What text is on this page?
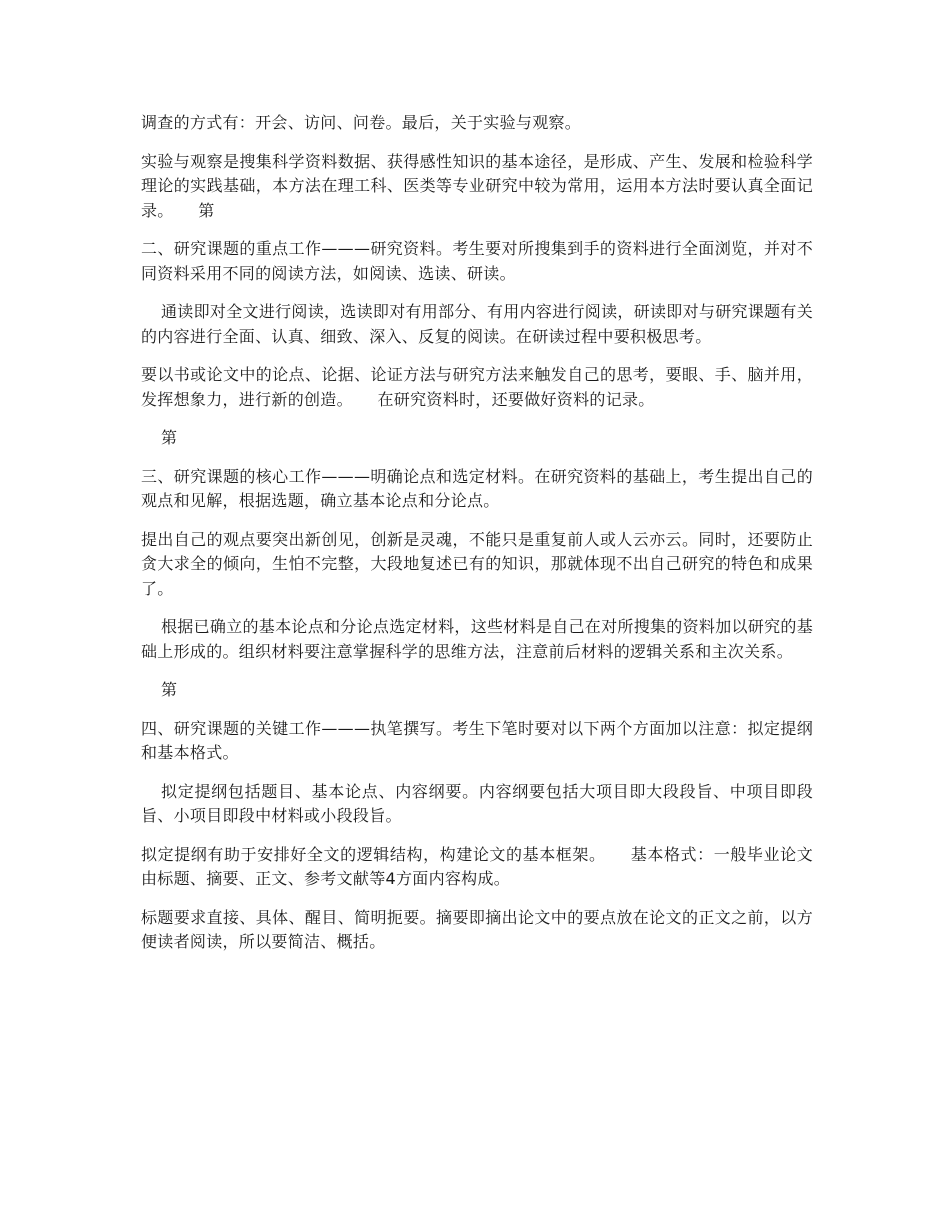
调查的方式有：开会、访问、问卷。最后，关于实验与观察。

实验与观察是搜集科学资料数据、获得感性知识的基本途径，是形成、产生、发展和检验科学理论的实践基础，本方法在理工科、医类等专业研究中较为常用，运用本方法时要认真全面记录。　　第

二、研究课题的重点工作———研究资料。考生要对所搜集到手的资料进行全面浏览，并对不同资料采用不同的阅读方法，如阅读、选读、研读。

通读即对全文进行阅读，选读即对有用部分、有用内容进行阅读，研读即对与研究课题有关的内容进行全面、认真、细致、深入、反复的阅读。在研读过程中要积极思考。

要以书或论文中的论点、论据、论证方法与研究方法来触发自己的思考，要眼、手、脑并用，发挥想象力，进行新的创造。　　在研究资料时，还要做好资料的记录。

第

三、研究课题的核心工作———明确论点和选定材料。在研究资料的基础上，考生提出自己的观点和见解，根据选题，确立基本论点和分论点。

提出自己的观点要突出新创见，创新是灵魂，不能只是重复前人或人云亦云。同时，还要防止贪大求全的倾向，生怕不完整，大段地复述已有的知识，那就体现不出自己研究的特色和成果了。

根据已确立的基本论点和分论点选定材料，这些材料是自己在对所搜集的资料加以研究的基础上形成的。组织材料要注意掌握科学的思维方法，注意前后材料的逻辑关系和主次关系。

第

四、研究课题的关键工作———执笔撰写。考生下笔时要对以下两个方面加以注意：拟定提纲和基本格式。

拟定提纲包括题目、基本论点、内容纲要。内容纲要包括大项目即大段段旨、中项目即段旨、小项目即段中材料或小段段旨。

拟定提纲有助于安排好全文的逻辑结构，构建论文的基本框架。　　基本格式：一般毕业论文由标题、摘要、正文、参考文献等4方面内容构成。

标题要求直接、具体、醒目、简明扼要。摘要即摘出论文中的要点放在论文的正文之前，以方便读者阅读，所以要简洁、概括。
